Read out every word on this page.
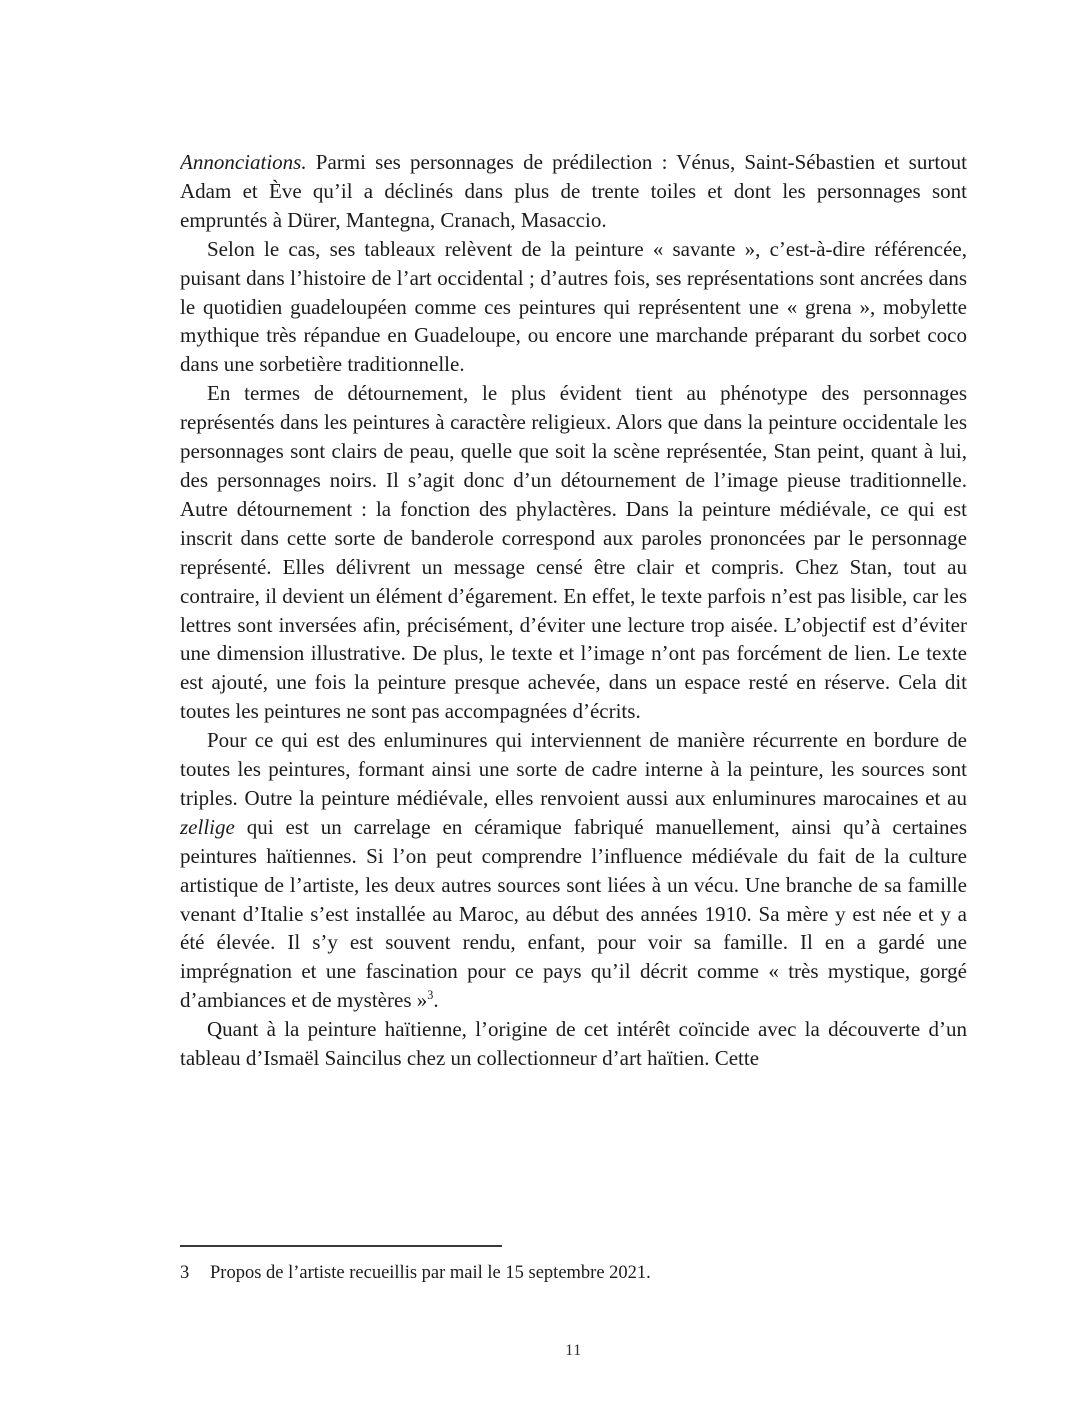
Annonciations. Parmi ses personnages de prédilection : Vénus, Saint-Sébastien et surtout Adam et Ève qu’il a déclinés dans plus de trente toiles et dont les personnages sont empruntés à Dürer, Mantegna, Cranach, Masaccio.

Selon le cas, ses tableaux relèvent de la peinture « savante », c’est-à-dire référencée, puisant dans l’histoire de l’art occidental ; d’autres fois, ses représentations sont ancrées dans le quotidien guadeloupéen comme ces peintures qui représentent une « grena », mobylette mythique très répandue en Guadeloupe, ou encore une marchande préparant du sorbet coco dans une sorbetière traditionnelle.

En termes de détournement, le plus évident tient au phénotype des personnages représentés dans les peintures à caractère religieux. Alors que dans la peinture occidentale les personnages sont clairs de peau, quelle que soit la scène représentée, Stan peint, quant à lui, des personnages noirs. Il s’agit donc d’un détournement de l’image pieuse traditionnelle. Autre détournement : la fonction des phylactères. Dans la peinture médiévale, ce qui est inscrit dans cette sorte de banderole correspond aux paroles prononcées par le personnage représenté. Elles délivrent un message censé être clair et compris. Chez Stan, tout au contraire, il devient un élément d’égarement. En effet, le texte parfois n’est pas lisible, car les lettres sont inversées afin, précisément, d’éviter une lecture trop aisée. L’objectif est d’éviter une dimension illustrative. De plus, le texte et l’image n’ont pas forcément de lien. Le texte est ajouté, une fois la peinture presque achevée, dans un espace resté en réserve. Cela dit toutes les peintures ne sont pas accompagnées d’écrits.

Pour ce qui est des enluminures qui interviennent de manière récurrente en bordure de toutes les peintures, formant ainsi une sorte de cadre interne à la peinture, les sources sont triples. Outre la peinture médiévale, elles renvoient aussi aux enluminures marocaines et au zellige qui est un carrelage en céramique fabriqué manuellement, ainsi qu’à certaines peintures haïtiennes. Si l’on peut comprendre l’influence médiévale du fait de la culture artistique de l’artiste, les deux autres sources sont liées à un vécu. Une branche de sa famille venant d’Italie s’est installée au Maroc, au début des années 1910. Sa mère y est née et y a été élevée. Il s’y est souvent rendu, enfant, pour voir sa famille. Il en a gardé une imprégnation et une fascination pour ce pays qu’il décrit comme « très mystique, gorgé d’ambiances et de mystères »$^3$.

Quant à la peinture haïtienne, l’origine de cet intérêt coïncide avec la découverte d’un tableau d’Ismaël Saincilus chez un collectionneur d’art haïtien. Cette

3 Propos de l’artiste recueillis par mail le 15 septembre 2021.

11
